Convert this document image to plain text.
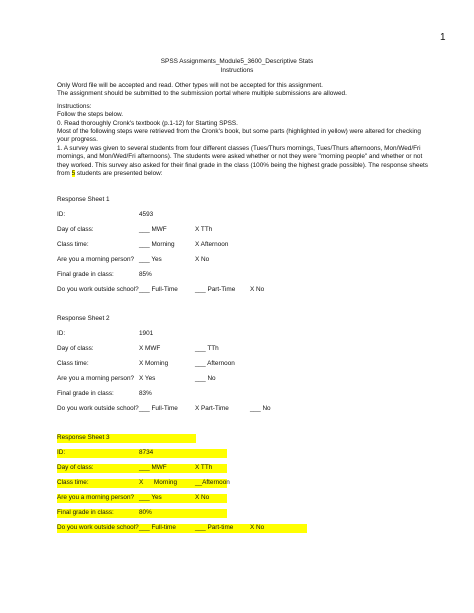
1
SPSS Assignments_Module5_3600_Descriptive Stats
Instructions
Only Word file will be accepted and read. Other types will not be accepted for this assignment.
The assignment should be submitted to the submission portal where multiple submissions are allowed.
Instructions:
Follow the steps below.
0. Read thoroughly Cronk's textbook (p.1-12) for Starting SPSS.
Most of the following steps were retrieved from the Cronk's book, but some parts (highlighted in yellow) were altered for checking
your progress.
1. A survey was given to several students from four different classes (Tues/Thurs mornings, Tues/Thurs afternoons, Mon/Wed/Fri
mornings, and Mon/Wed/Fri afternoons). The students were asked whether or not they were "morning people" and whether or not
they worked. This survey also asked for their final grade in the class (100% being the highest grade possible). The response sheets
from 5 students are presented below:
Response Sheet 1
ID:	4593
Day of class:	___ MWF	X TTh
Class time:	___ Morning	X Afternoon
Are you a morning person? ___ Yes	X No
Final grade in class:	85%
Do you work outside school? ___ Full-Time	___ Part-Time X No
Response Sheet 2
ID:	1901
Day of class:	X MWF	___ TTh
Class time:	X Morning	___ Afternoon
Are you a morning person? X Yes	___ No
Final grade in class:	83%
Do you work outside school? ___ Full-Time	X Part-Time	___ No
Response Sheet 3
ID:	8734
Day of class:	___ MWF	X TTh
Class time:	X      Morning	__Afternoon
Are you a morning person? ___ Yes	X No
Final grade in class:	80%
Do you work outside school? ___ Full-time	___ Part-time	X No
